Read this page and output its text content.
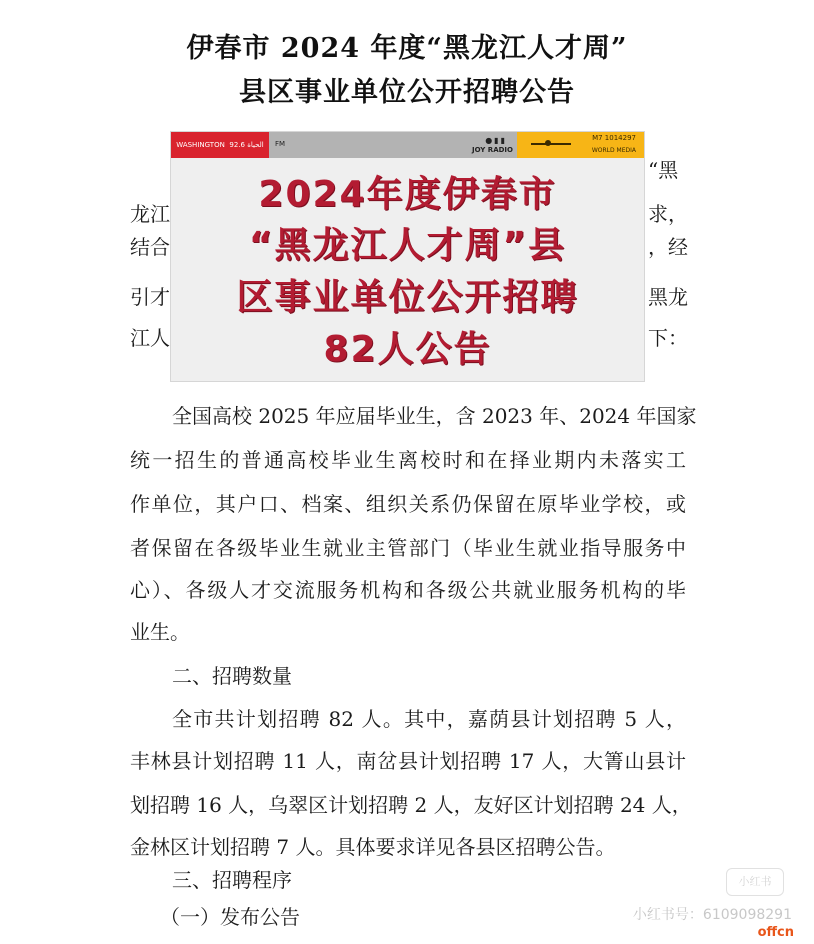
伊春市 2024 年度“黑龙江人才周”
县区事业单位公开招聘公告
“黑
龙江	求，
结合	，经
引才	黑龙
江人	下：
全国高校 2025 年应届毕业生，含 2023 年、2024 年国家
统一招生的普通高校毕业生离校时和在择业期内未落实工
作单位，其户口、档案、组织关系仍保留在原毕业学校，或
者保留在各级毕业生就业主管部门（毕业生就业指导服务中
心）、各级人才交流服务机构和各级公共就业服务机构的毕
业生。
二、招聘数量
全市共计划招聘 82 人。其中，嘉荫县计划招聘 5 人，
丰林县计划招聘 11 人，南岔县计划招聘 17 人，大箐山县计
划招聘 16 人，乌翠区计划招聘 2 人，友好区计划招聘 24 人，
金林区计划招聘 7 人。具体要求详见各县区招聘公告。
三、招聘程序
（一）发布公告
WASHINGTON الحياة 92.6 FM	●▮▮
JOY RADIO
M7 1014297
WORLD MEDIA
2024年度伊春市
“黑龙江人才周”县
区事业单位公开招聘
82人公告
小红书
小红书号：6109098291
offcn
